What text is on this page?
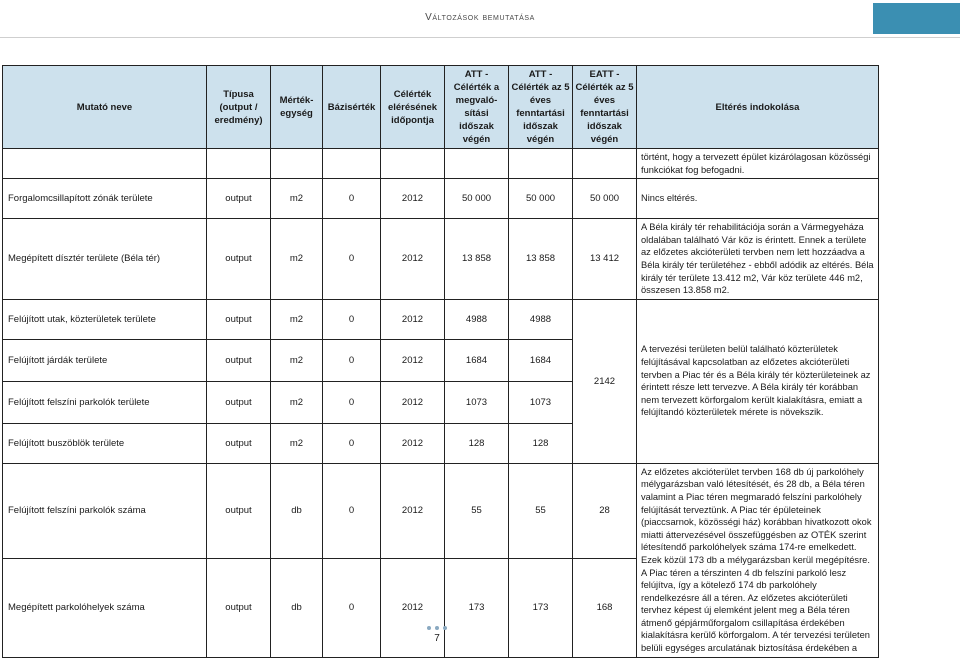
Változások bemutatása
Mutató neve	Típusa (output / eredmény)	Mérték-egység	Bázisérték	Célérték elérésének időpontja	ATT - Célérték a megvaló-sítási időszak végén	ATT - Célérték az 5 éves fenntartási időszak végén	EATT - Célérték az 5 éves fenntartási időszak végén	Eltérés indokolása
								történt, hogy a tervezett épület kizárólagosan közösségi funkciókat fog befogadni.
Forgalomcsillapított zónák területe	output	m2	0	2012	50 000	50 000	50 000	Nincs eltérés.
Megépített dísztér területe (Béla tér)	output	m2	0	2012	13 858	13 858	13 412	A Béla király tér rehabilitációja során a Vármegyeháza oldalában található Vár köz is érintett. Ennek a területe az előzetes akcióterületi tervben nem lett hozzáadva a Béla király tér területéhez - ebből adódik az eltérés. Béla király tér területe 13.412 m2, Vár köz területe 446 m2, összesen 13.858 m2.
Felújított utak, közterületek területe	output	m2	0	2012	4988	4988	2142	A tervezési területen belül található közterületek felújításával kapcsolatban az előzetes akcióterületi tervben a Piac tér és a Béla király tér közterületeinek az érintett része lett tervezve. A Béla király tér korábban nem tervezett körforgalom került kialakításra, emiatt a felújítandó közterületek mérete is növekszik.
Felújított járdák területe	output	m2	0	2012	1684	1684		
Felújított felszíni parkolók területe	output	m2	0	2012	1073	1073		
Felújított buszöblök területe	output	m2	0	2012	128	128		
Felújított felszíni parkolók száma	output	db	0	2012	55	55	28	Az előzetes akcióterület tervben 168 db új parkolóhely mélygarázsban való létesítését, és 28 db, a Béla téren valamint a Piac téren megmaradó felszíni parkolóhely felújítását terveztünk. A Piac tér épületeinek (piaccsarnok, közösségi ház) korábban hivatkozott okok miatti áttervezésével összefüggésben az OTÉK szerint létesítendő parkolóhelyek száma 174-re emelkedett. Ezek közül 173 db a mélygarázsban kerül megépítésre. A Piac téren a térszinten 4 db felszíni parkoló lesz felújítva, így a kötelező 174 db parkolóhely rendelkezésre áll a téren. Az előzetes akcióterületi tervhez képest új elemként jelent meg a Béla téren átmenő gépjárműforgalom csillapítása érdekében kialakításra kerülő körforgalom. A tér tervezési területen belüli egységes arculatának biztosítása érdekében a
Megépített parkolóhelyek száma	output	db	0	2012	173	173	168	
7
